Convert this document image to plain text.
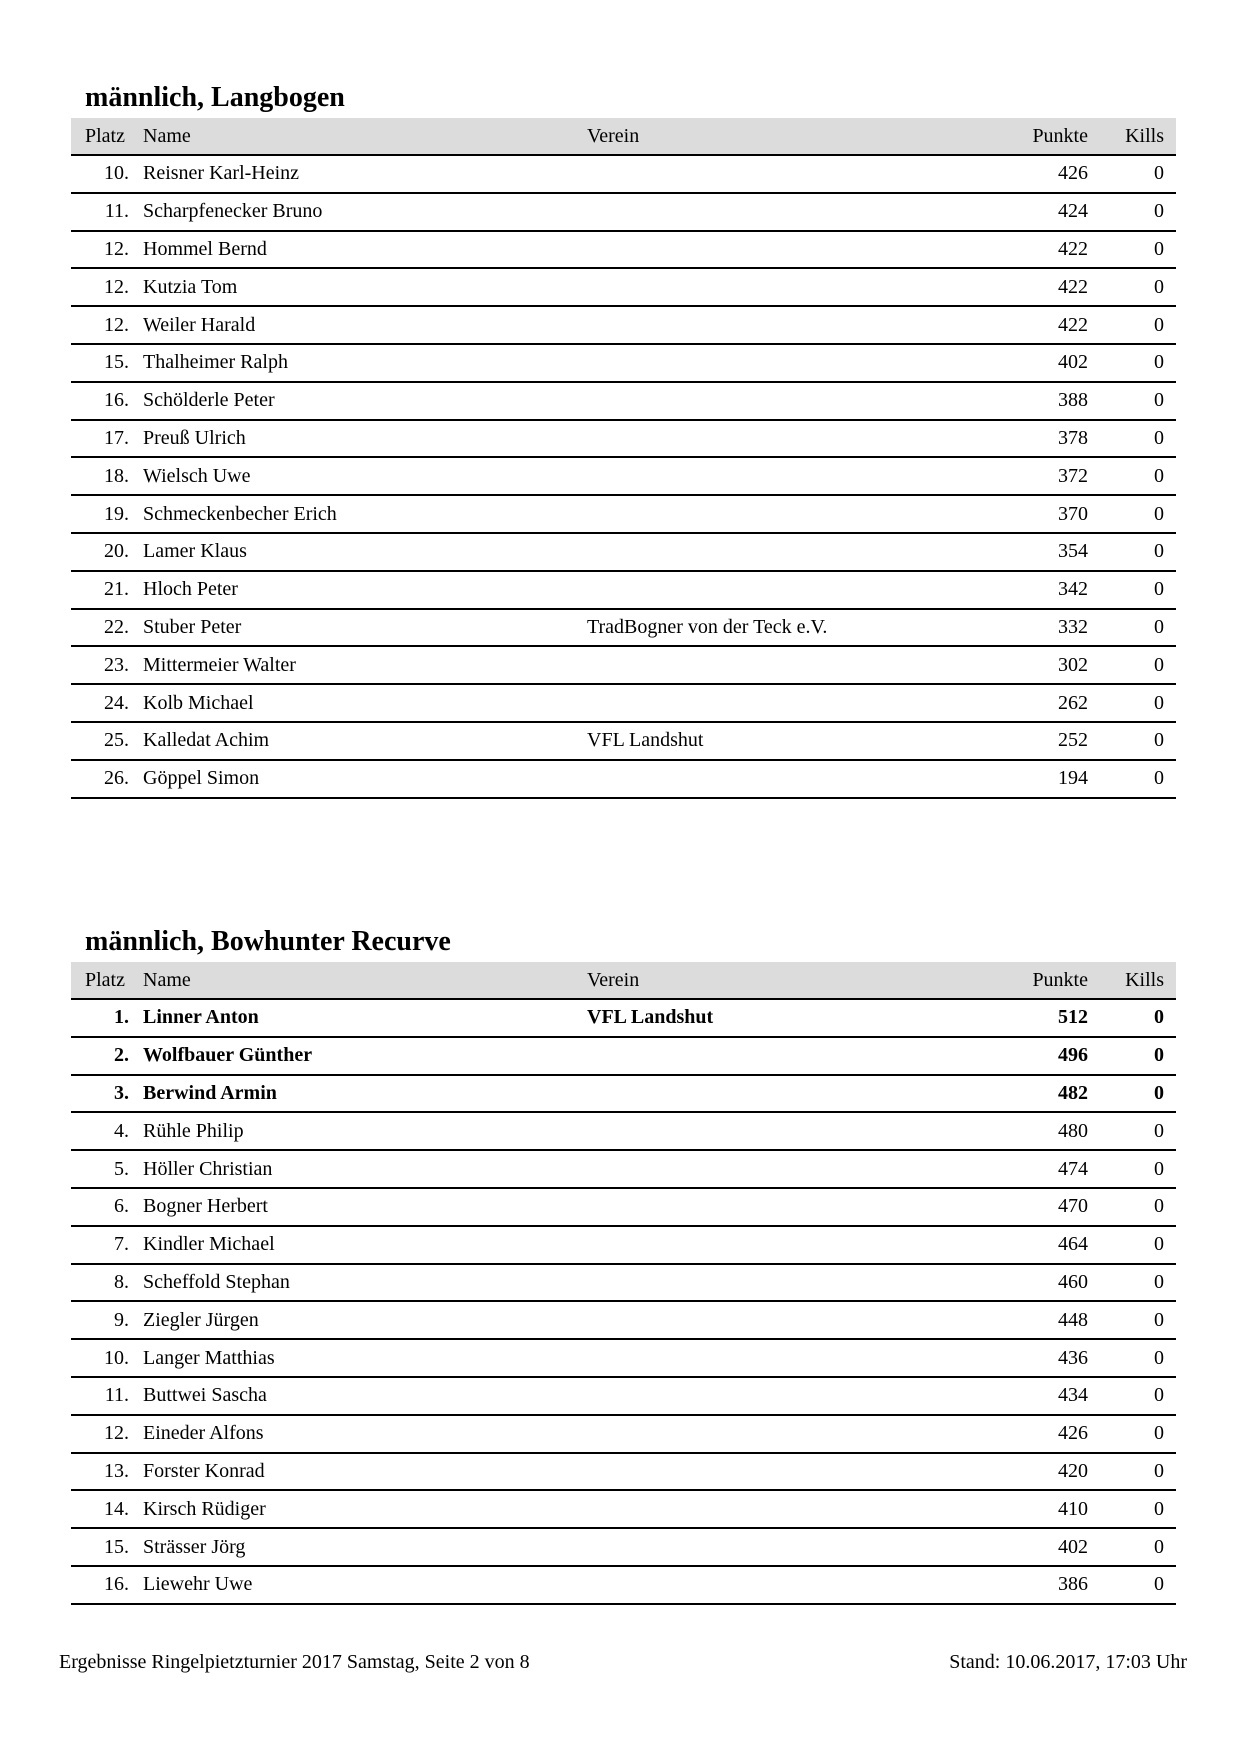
männlich, Langbogen
Platz	Name	Verein	Punkte	Kills
10.	Reisner Karl-Heinz		426	0
11.	Scharpfenecker Bruno		424	0
12.	Hommel Bernd		422	0
12.	Kutzia Tom		422	0
12.	Weiler Harald		422	0
15.	Thalheimer Ralph		402	0
16.	Schölderle Peter		388	0
17.	Preuß Ulrich		378	0
18.	Wielsch Uwe		372	0
19.	Schmeckenbecher Erich		370	0
20.	Lamer Klaus		354	0
21.	Hloch Peter		342	0
22.	Stuber Peter	TradBogner von der Teck e.V.	332	0
23.	Mittermeier Walter		302	0
24.	Kolb Michael		262	0
25.	Kalledat Achim	VFL Landshut	252	0
26.	Göppel Simon		194	0
männlich, Bowhunter Recurve
Platz	Name	Verein	Punkte	Kills
1.	Linner Anton	VFL Landshut	512	0
2.	Wolfbauer Günther		496	0
3.	Berwind Armin		482	0
4.	Rühle Philip		480	0
5.	Höller Christian		474	0
6.	Bogner Herbert		470	0
7.	Kindler Michael		464	0
8.	Scheffold Stephan		460	0
9.	Ziegler Jürgen		448	0
10.	Langer Matthias		436	0
11.	Buttwei Sascha		434	0
12.	Eineder Alfons		426	0
13.	Forster Konrad		420	0
14.	Kirsch Rüdiger		410	0
15.	Strässer Jörg		402	0
16.	Liewehr Uwe		386	0
Ergebnisse Ringelpietzturnier 2017 Samstag, Seite 2 von 8	Stand: 10.06.2017, 17:03 Uhr
